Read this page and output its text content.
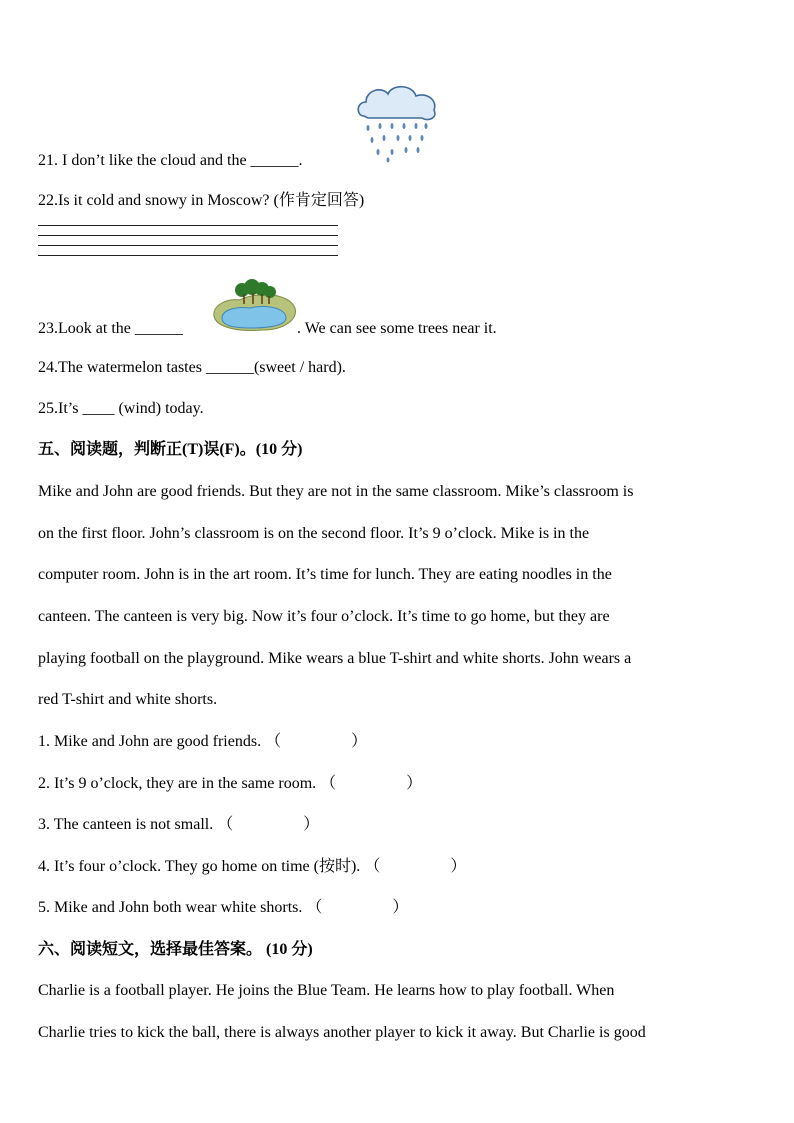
21. I don’t like the cloud and the ______.
22.Is it cold and snowy in Moscow? (作肯定回答)
23.Look at the ______	. We can see some trees near it.
24.The watermelon tastes ______(sweet / hard).
25.It’s ____ (wind) today.
五、阅读题，判断正(T)误(F)。(10 分)
Mike and John are good friends. But they are not in the same classroom. Mike’s classroom is
on the first floor. John’s classroom is on the second floor. It’s 9 o’clock. Mike is in the
computer room. John is in the art room. It’s time for lunch. They are eating noodles in the
canteen. The canteen is very big. Now it’s four o’clock. It’s time to go home, but they are
playing football on the playground. Mike wears a blue T-shirt and white shorts. John wears a
red T-shirt and white shorts.
1. Mike and John are good friends. （	）
2. It’s 9 o’clock, they are in the same room. （	）
3. The canteen is not small. （	）
4. It’s four o’clock. They go home on time (按时). （	）
5. Mike and John both wear white shorts. （	）
六、阅读短文，选择最佳答案。 (10 分)
Charlie is a football player. He joins the Blue Team. He learns how to play football. When
Charlie tries to kick the ball, there is always another player to kick it away. But Charlie is good
